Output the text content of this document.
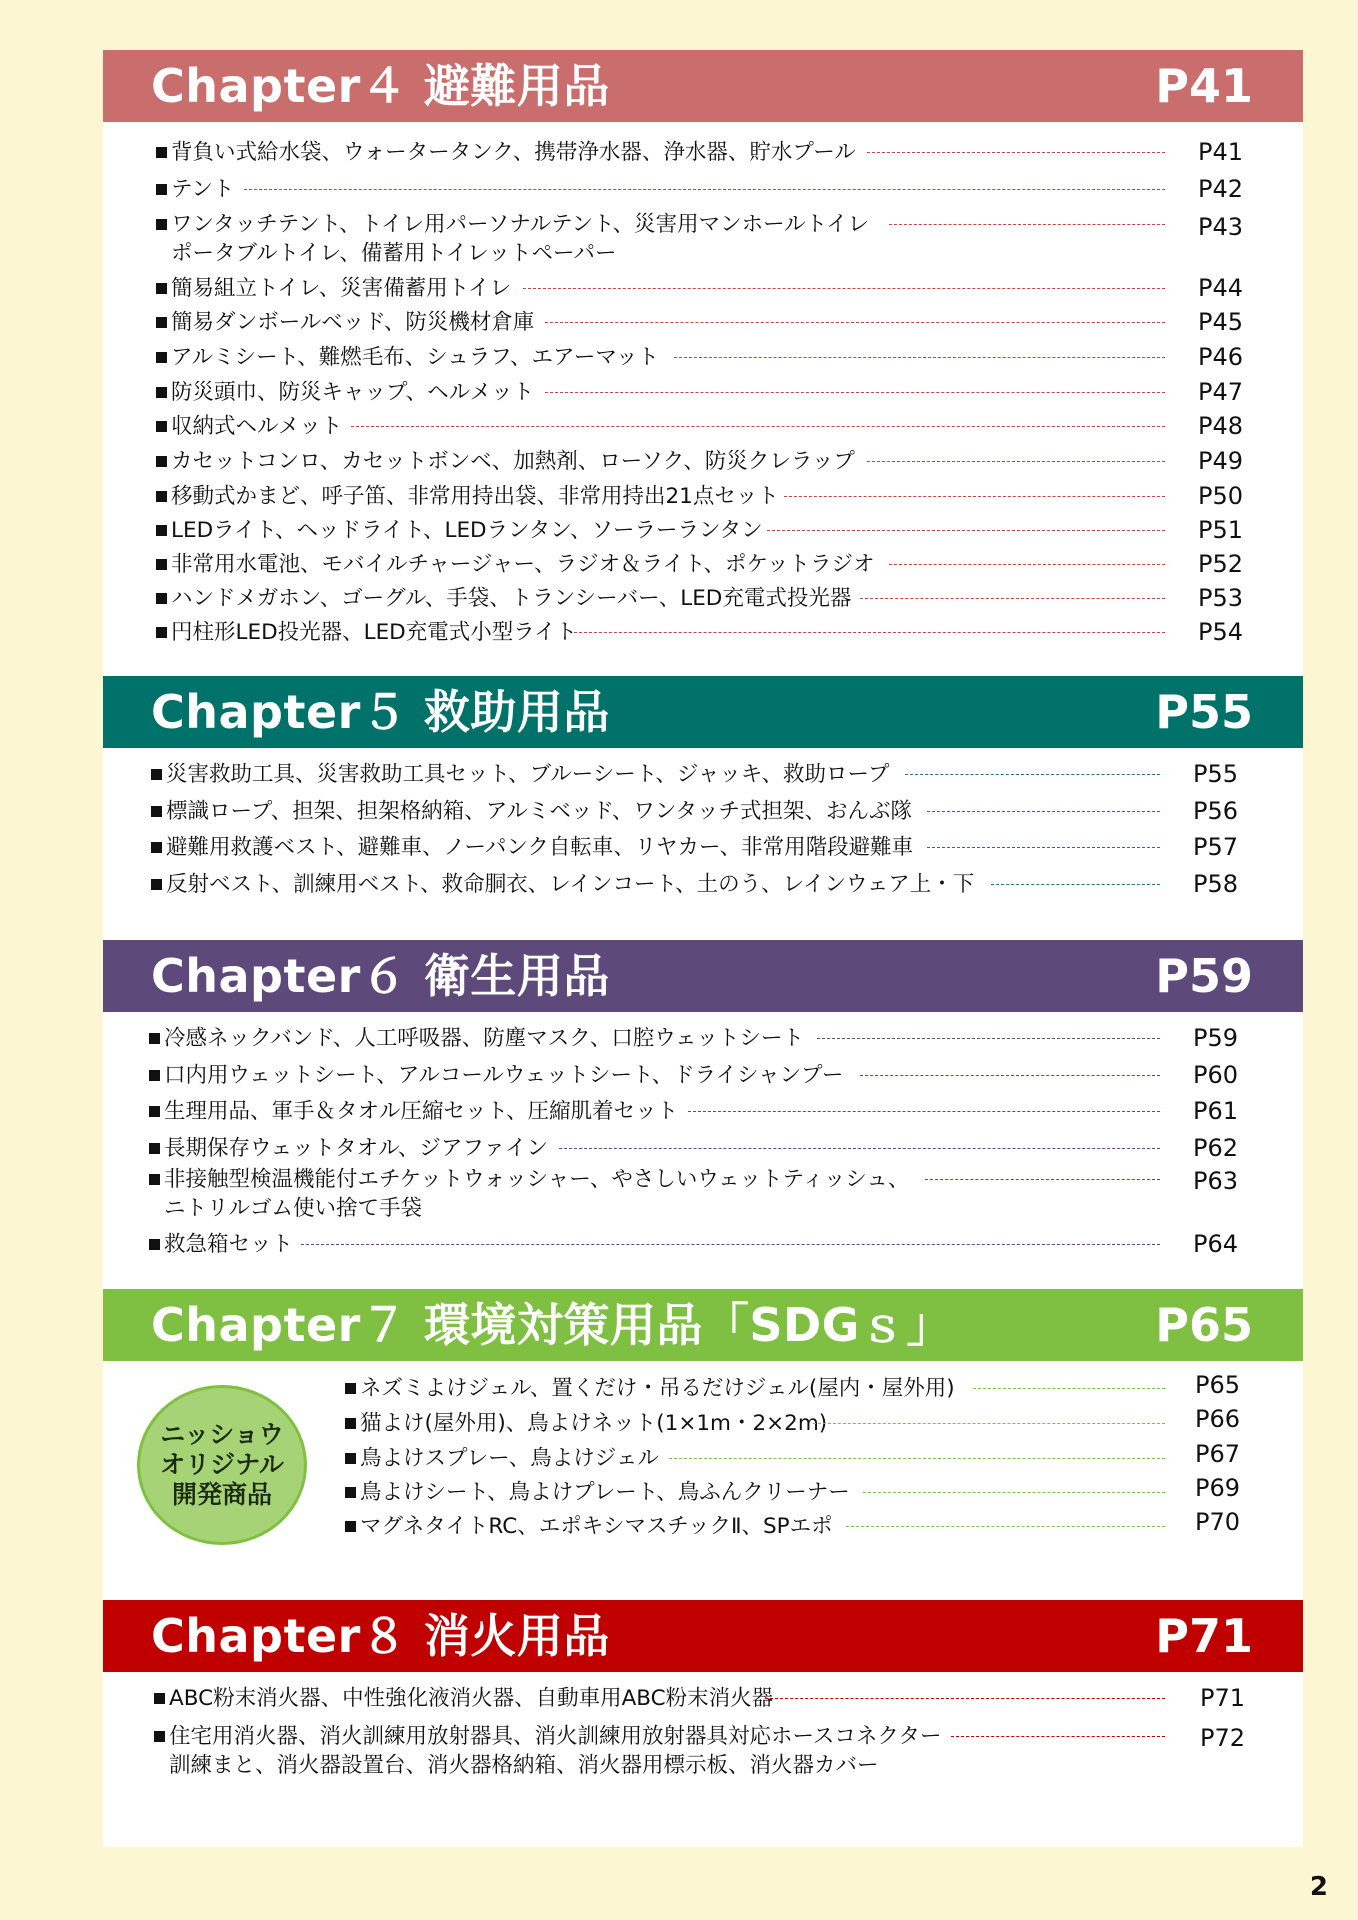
Chapter４ 避難用品	P41
背負い式給水袋、ウォータータンク、携帯浄水器、浄水器、貯水プール	P41
テント	P42
ワンタッチテント、トイレ用パーソナルテント、災害用マンホールトイレ
ポータブルトイレ、備蓄用トイレットペーパー
P43
簡易組立トイレ、災害備蓄用トイレ	P44
簡易ダンボールベッド、防災機材倉庫	P45
アルミシート、難燃毛布、シュラフ、エアーマット	P46
防災頭巾、防災キャップ、ヘルメット	P47
収納式ヘルメット	P48
カセットコンロ、カセットボンベ、加熱剤、ローソク、防災クレラップ	P49
移動式かまど、呼子笛、非常用持出袋、非常用持出21点セット	P50
LEDライト、ヘッドライト、LEDランタン、ソーラーランタン	P51
非常用水電池、モバイルチャージャー、ラジオ＆ライト、ポケットラジオ	P52
ハンドメガホン、ゴーグル、手袋、トランシーバー、LED充電式投光器	P53
円柱形LED投光器、LED充電式小型ライト	P54
Chapter５ 救助用品	P55
災害救助工具、災害救助工具セット、ブルーシート、ジャッキ、救助ロープ	P55
標識ロープ、担架、担架格納箱、アルミベッド、ワンタッチ式担架、おんぶ隊	P56
避難用救護ベスト、避難車、ノーパンク自転車、リヤカー、非常用階段避難車	P57
反射ベスト、訓練用ベスト、救命胴衣、レインコート、土のう、レインウェア上・下	P58
Chapter６ 衛生用品	P59
冷感ネックバンド、人工呼吸器、防塵マスク、口腔ウェットシート	P59
口内用ウェットシート、アルコールウェットシート、ドライシャンプー	P60
生理用品、軍手＆タオル圧縮セット、圧縮肌着セット	P61
長期保存ウェットタオル、ジアファイン	P62
非接触型検温機能付エチケットウォッシャー、やさしいウェットティッシュ、
ニトリルゴム使い捨て手袋
P63
救急箱セット	P64
Chapter７ 環境対策用品「SDGｓ」	P65
ニッショウ
オリジナル
開発商品
ネズミよけジェル、置くだけ・吊るだけジェル(屋内・屋外用)	P65
猫よけ(屋外用)、鳥よけネット(1×1m・2×2m)	P66
鳥よけスプレー、鳥よけジェル	P67
鳥よけシート、鳥よけプレート、鳥ふんクリーナー	P69
マグネタイトRC、エポキシマスチックⅡ、SPエポ	P70
Chapter８ 消火用品	P71
ABC粉末消火器、中性強化液消火器、自動車用ABC粉末消火器	P71
住宅用消火器、消火訓練用放射器具、消火訓練用放射器具対応ホースコネクター
訓練まと、消火器設置台、消火器格納箱、消火器用標示板、消火器カバー
P72
2
